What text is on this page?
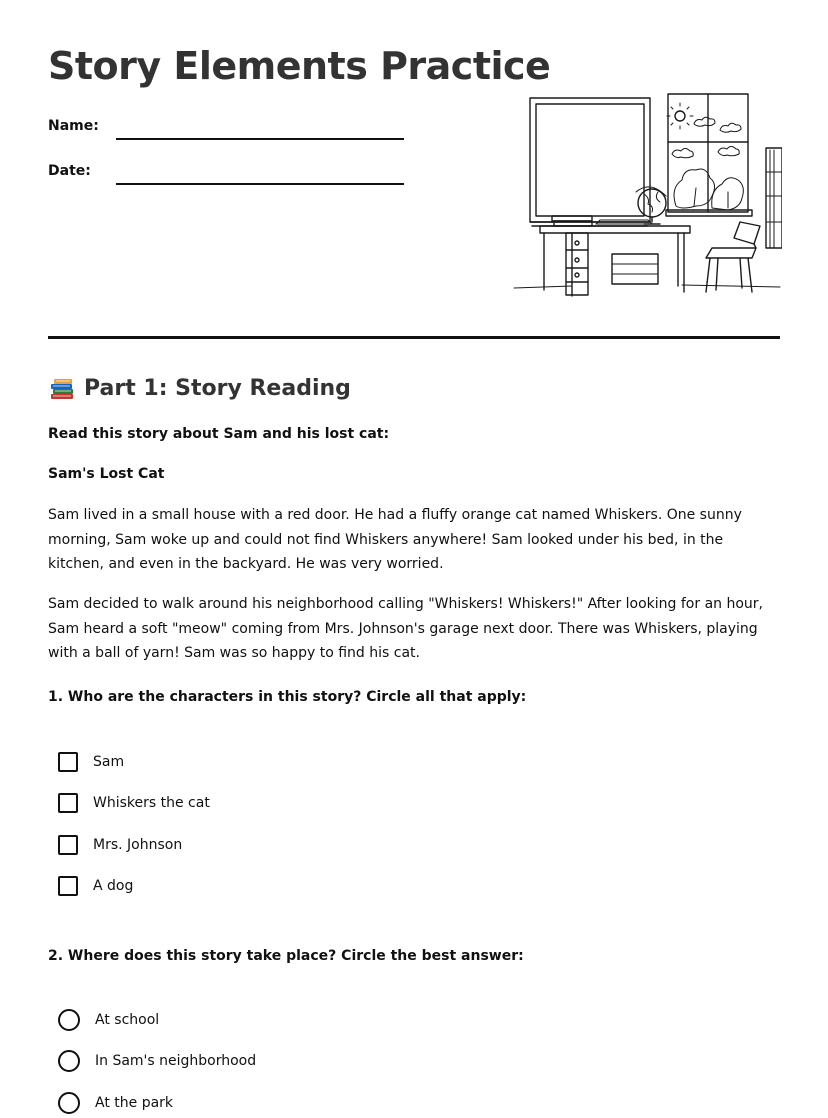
Story Elements Practice
Name:
Date:
Part 1: Story Reading
Read this story about Sam and his lost cat:
Sam's Lost Cat
Sam lived in a small house with a red door. He had a fluffy orange cat named Whiskers. One sunny morning, Sam woke up and could not find Whiskers anywhere! Sam looked under his bed, in the kitchen, and even in the backyard. He was very worried.
Sam decided to walk around his neighborhood calling "Whiskers! Whiskers!" After looking for an hour, Sam heard a soft "meow" coming from Mrs. Johnson's garage next door. There was Whiskers, playing with a ball of yarn! Sam was so happy to find his cat.
1. Who are the characters in this story? Circle all that apply:
Sam
Whiskers the cat
Mrs. Johnson
A dog
2. Where does this story take place? Circle the best answer:
At school
In Sam's neighborhood
At the park
